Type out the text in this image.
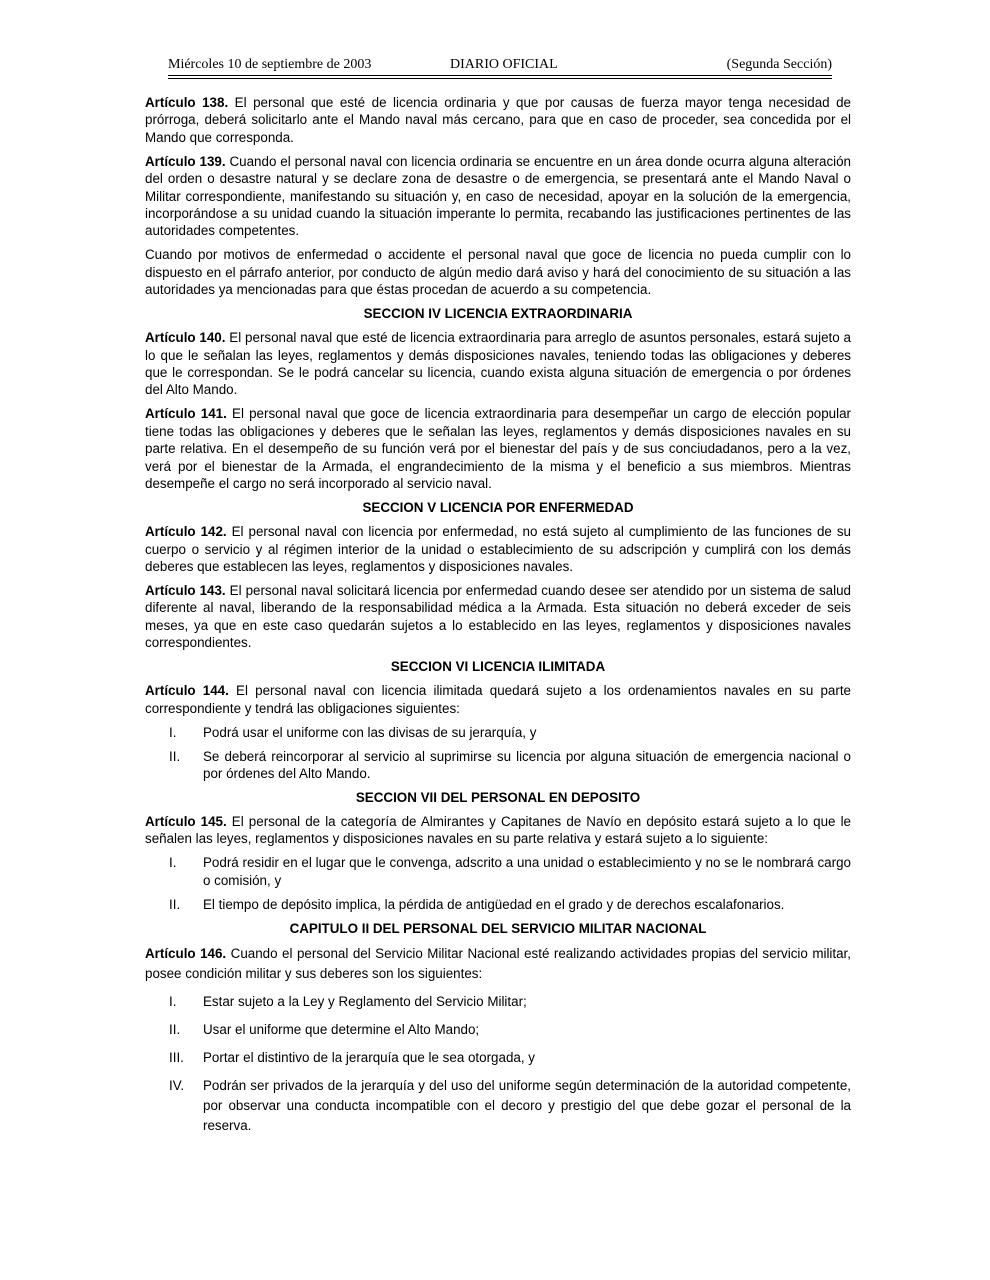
Miércoles 10 de septiembre de 2003	DIARIO OFICIAL	(Segunda Sección)

Artículo 138. El personal que esté de licencia ordinaria y que por causas de fuerza mayor tenga necesidad de prórroga, deberá solicitarlo ante el Mando naval más cercano, para que en caso de proceder, sea concedida por el Mando que corresponda.

Artículo 139. Cuando el personal naval con licencia ordinaria se encuentre en un área donde ocurra alguna alteración del orden o desastre natural y se declare zona de desastre o de emergencia, se presentará ante el Mando Naval o Militar correspondiente, manifestando su situación y, en caso de necesidad, apoyar en la solución de la emergencia, incorporándose a su unidad cuando la situación imperante lo permita, recabando las justificaciones pertinentes de las autoridades competentes.

Cuando por motivos de enfermedad o accidente el personal naval que goce de licencia no pueda cumplir con lo dispuesto en el párrafo anterior, por conducto de algún medio dará aviso y hará del conocimiento de su situación a las autoridades ya mencionadas para que éstas procedan de acuerdo a su competencia.

SECCION IV LICENCIA EXTRAORDINARIA

Artículo 140. El personal naval que esté de licencia extraordinaria para arreglo de asuntos personales, estará sujeto a lo que le señalan las leyes, reglamentos y demás disposiciones navales, teniendo todas las obligaciones y deberes que le correspondan. Se le podrá cancelar su licencia, cuando exista alguna situación de emergencia o por órdenes del Alto Mando.

Artículo 141. El personal naval que goce de licencia extraordinaria para desempeñar un cargo de elección popular tiene todas las obligaciones y deberes que le señalan las leyes, reglamentos y demás disposiciones navales en su parte relativa. En el desempeño de su función verá por el bienestar del país y de sus conciudadanos, pero a la vez, verá por el bienestar de la Armada, el engrandecimiento de la misma y el beneficio a sus miembros. Mientras desempeñe el cargo no será incorporado al servicio naval.

SECCION V LICENCIA POR ENFERMEDAD

Artículo 142. El personal naval con licencia por enfermedad, no está sujeto al cumplimiento de las funciones de su cuerpo o servicio y al régimen interior de la unidad o establecimiento de su adscripción y cumplirá con los demás deberes que establecen las leyes, reglamentos y disposiciones navales.

Artículo 143. El personal naval solicitará licencia por enfermedad cuando desee ser atendido por un sistema de salud diferente al naval, liberando de la responsabilidad médica a la Armada. Esta situación no deberá exceder de seis meses, ya que en este caso quedarán sujetos a lo establecido en las leyes, reglamentos y disposiciones navales correspondientes.

SECCION VI LICENCIA ILIMITADA

Artículo 144. El personal naval con licencia ilimitada quedará sujeto a los ordenamientos navales en su parte correspondiente y tendrá las obligaciones siguientes:

I.	Podrá usar el uniforme con las divisas de su jerarquía, y
II.	Se deberá reincorporar al servicio al suprimirse su licencia por alguna situación de emergencia nacional o por órdenes del Alto Mando.
SECCION VII DEL PERSONAL EN DEPOSITO

Artículo 145. El personal de la categoría de Almirantes y Capitanes de Navío en depósito estará sujeto a lo que le señalen las leyes, reglamentos y disposiciones navales en su parte relativa y estará sujeto a lo siguiente:

I.	Podrá residir en el lugar que le convenga, adscrito a una unidad o establecimiento y no se le nombrará cargo o comisión, y
II.	El tiempo de depósito implica, la pérdida de antigüedad en el grado y de derechos escalafonarios.
CAPITULO II DEL PERSONAL DEL SERVICIO MILITAR NACIONAL

Artículo 146. Cuando el personal del Servicio Militar Nacional esté realizando actividades propias del servicio militar, posee condición militar y sus deberes son los siguientes:

I.	Estar sujeto a la Ley y Reglamento del Servicio Militar;
II.	Usar el uniforme que determine el Alto Mando;
III.	Portar el distintivo de la jerarquía que le sea otorgada, y
IV.	Podrán ser privados de la jerarquía y del uso del uniforme según determinación de la autoridad competente, por observar una conducta incompatible con el decoro y prestigio del que debe gozar el personal de la reserva.
